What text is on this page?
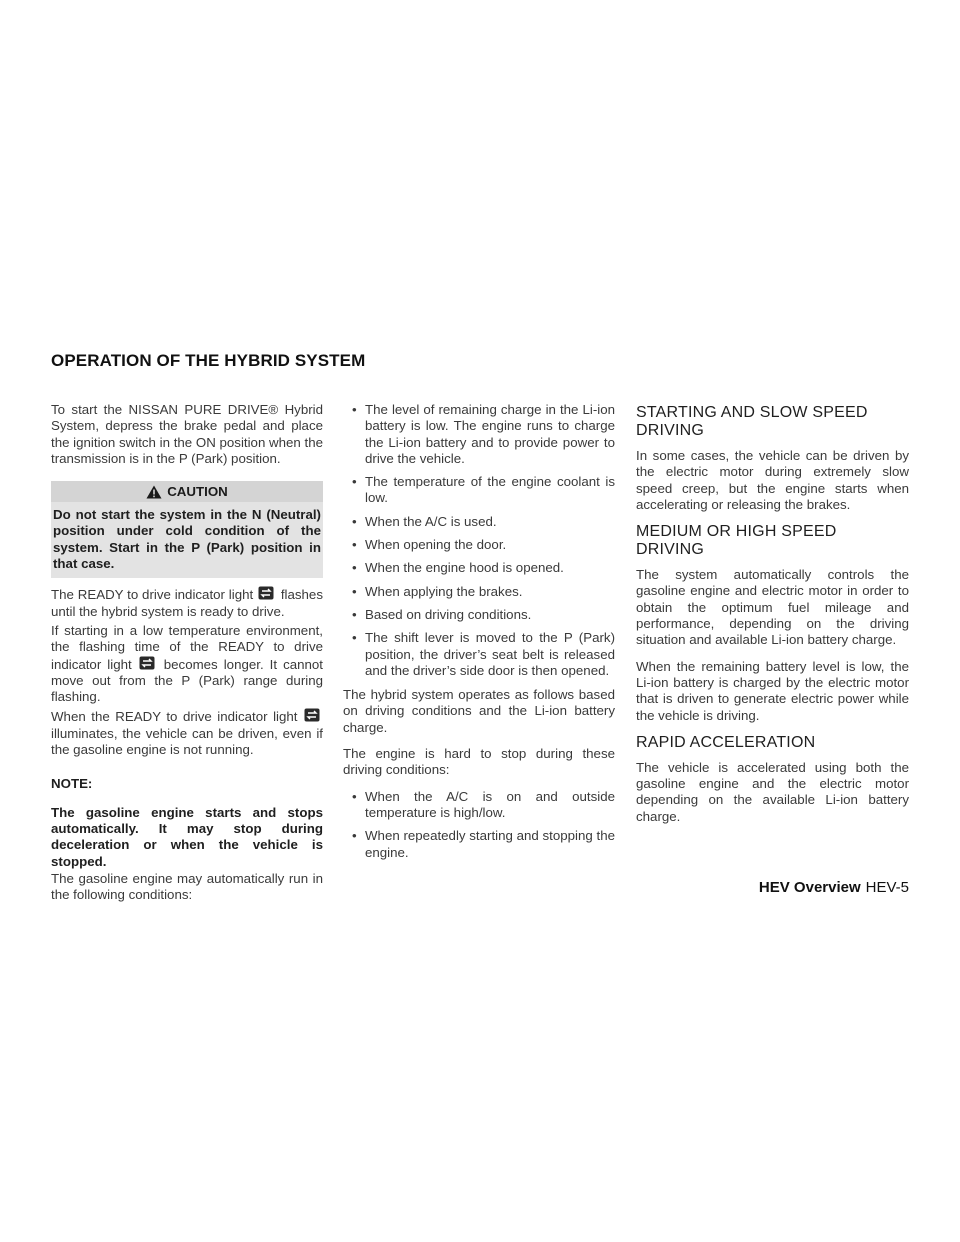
OPERATION OF THE HYBRID SYSTEM

To start the NISSAN PURE DRIVE® Hybrid System, depress the brake pedal and place the ignition switch in the ON position when the transmission is in the P (Park) position.

CAUTION
Do not start the system in the N (Neutral) position under cold condition of the system. Start in the P (Park) position in that case.

The READY to drive indicator light flashes until the hybrid system is ready to drive.

If starting in a low temperature environment, the flashing time of the READY to drive indicator light becomes longer. It cannot move out from the P (Park) range during flashing.

When the READY to drive indicator light  illuminates, the vehicle can be driven, even if the gasoline engine is not running.

NOTE:

The gasoline engine starts and stops automatically. It may stop during deceleration or when the vehicle is stopped.

The gasoline engine may automatically run in the following conditions:

• The level of remaining charge in the Li-ion battery is low. The engine runs to charge the Li-ion battery and to provide power to drive the vehicle.
• The temperature of the engine coolant is low.
• When the A/C is used.
• When opening the door.
• When the engine hood is opened.
• When applying the brakes.
• Based on driving conditions.
• The shift lever is moved to the P (Park) position, the driver’s seat belt is released and the driver’s side door is then opened.

The hybrid system operates as follows based on driving conditions and the Li-ion battery charge.

The engine is hard to stop during these driving conditions:

• When the A/C is on and outside temperature is high/low.
• When repeatedly starting and stopping the engine.
STARTING AND SLOW SPEED DRIVING

In some cases, the vehicle can be driven by the electric motor during extremely slow speed creep, but the engine starts when accelerating or releasing the brakes.

MEDIUM OR HIGH SPEED DRIVING

The system automatically controls the gasoline engine and electric motor in order to obtain the optimum fuel mileage and performance, depending on the driving situation and available Li-ion battery charge.

When the remaining battery level is low, the Li-ion battery is charged by the electric motor that is driven to generate electric power while the vehicle is driving.

RAPID ACCELERATION

The vehicle is accelerated using both the gasoline engine and the electric motor depending on the available Li-ion battery charge.

HEV Overview HEV-5
